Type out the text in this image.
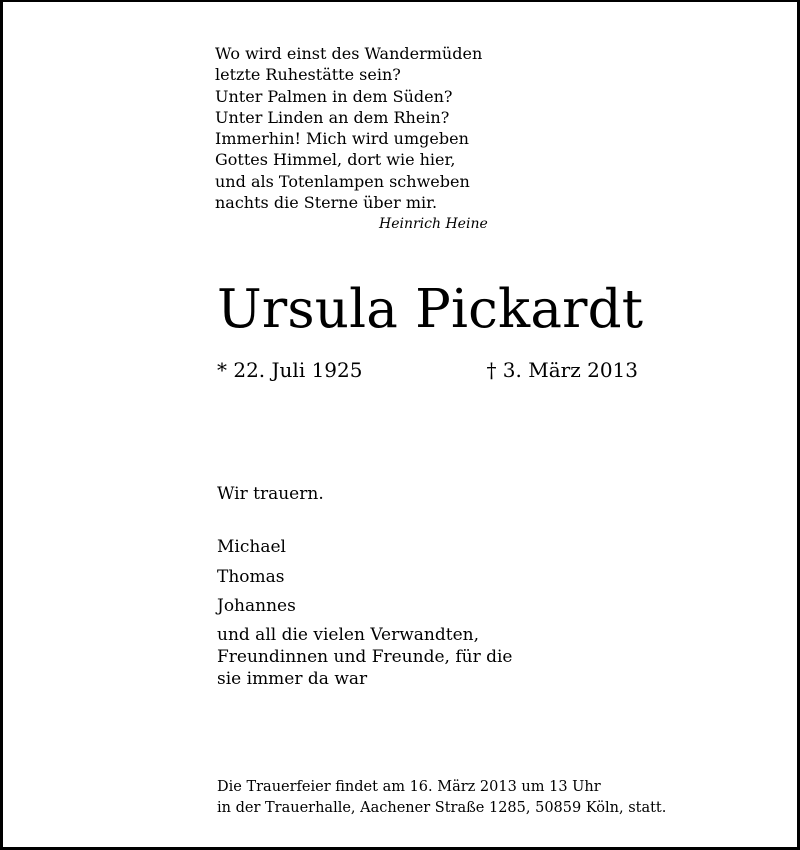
Wo wird einst des Wandermüden
letzte Ruhestätte sein?
Unter Palmen in dem Süden?
Unter Linden an dem Rhein?
Immerhin! Mich wird umgeben
Gottes Himmel, dort wie hier,
und als Totenlampen schweben
nachts die Sterne über mir.
Heinrich Heine
Ursula Pickardt
* 22. Juli 1925	† 3. März 2013
Wir trauern.
Michael
Thomas
Johannes
und all die vielen Verwandten,
Freundinnen und Freunde, für die
sie immer da war
Die Trauerfeier findet am 16. März 2013 um 13 Uhr
in der Trauerhalle, Aachener Straße 1285, 50859 Köln, statt.
